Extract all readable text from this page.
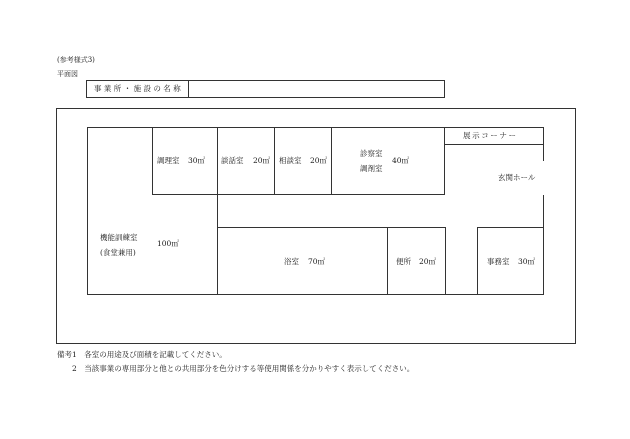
(参考様式3)
平面図
事業所・施設の名称
調理室 30㎡ 談話室 20㎡ 相談室 20㎡
診察室
調剤室
40㎡
展示コーナー
玄関ホール
機能訓練室
(食堂兼用)
100㎡
浴室 70㎡	便所 20㎡	事務室 30㎡
備考1　各室の用途及び面積を記載してください。
2　当該事業の専用部分と他との共用部分を色分けする等使用関係を分かりやすく表示してください。
